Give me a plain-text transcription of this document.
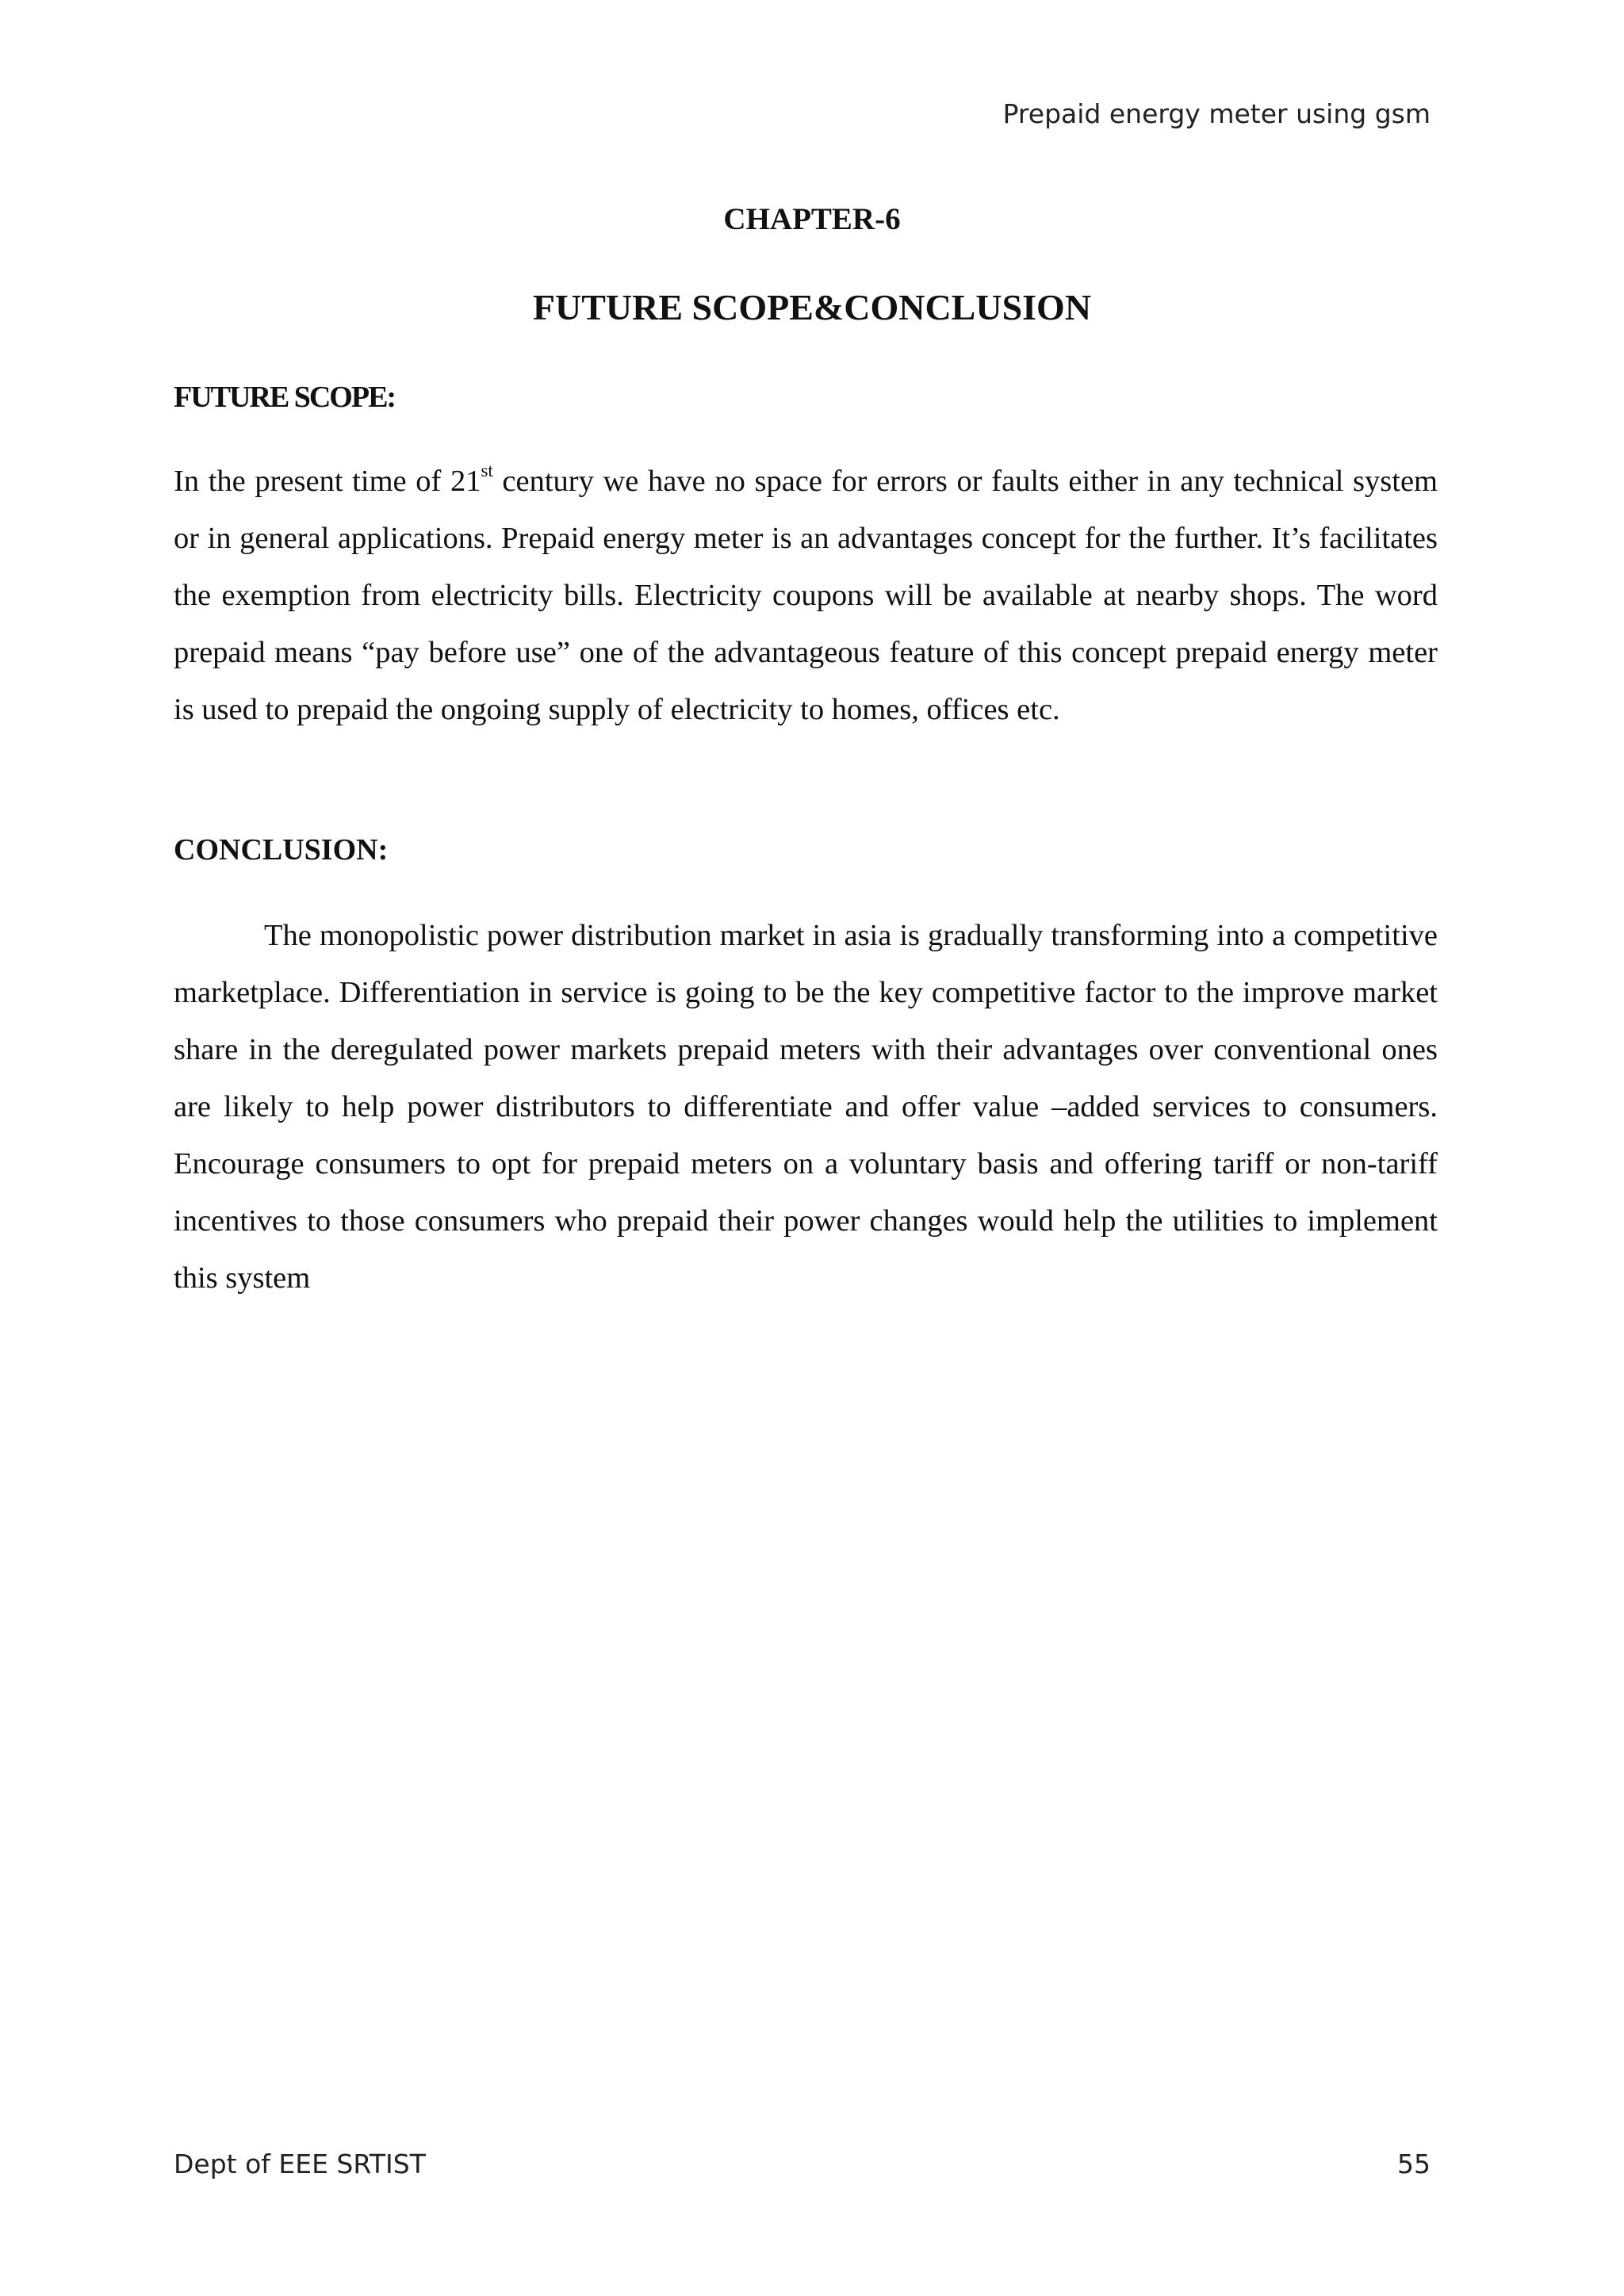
Prepaid energy meter using gsm
CHAPTER-6
FUTURE SCOPE&CONCLUSION
FUTURE SCOPE:

In the present time of 21st century we have no space for errors or faults either in any technical system or in general applications. Prepaid energy meter is an advantages concept for the further. It’s facilitates the exemption from electricity bills. Electricity coupons will be available at nearby shops. The word prepaid means “pay before use” one of the advantageous feature of this concept prepaid energy meter is used to prepaid the ongoing supply of electricity to homes, offices etc.

CONCLUSION:

The monopolistic power distribution market in asia is gradually transforming into a competitive marketplace. Differentiation in service is going to be the key competitive factor to the improve market share in the deregulated power markets prepaid meters with their advantages over conventional ones are likely to help power distributors to differentiate and offer value –added services to consumers. Encourage consumers to opt for prepaid meters on a voluntary basis and offering tariff or non-tariff incentives to those consumers who prepaid their power changes would help the utilities to implement this system

Dept of EEE SRTIST	55
